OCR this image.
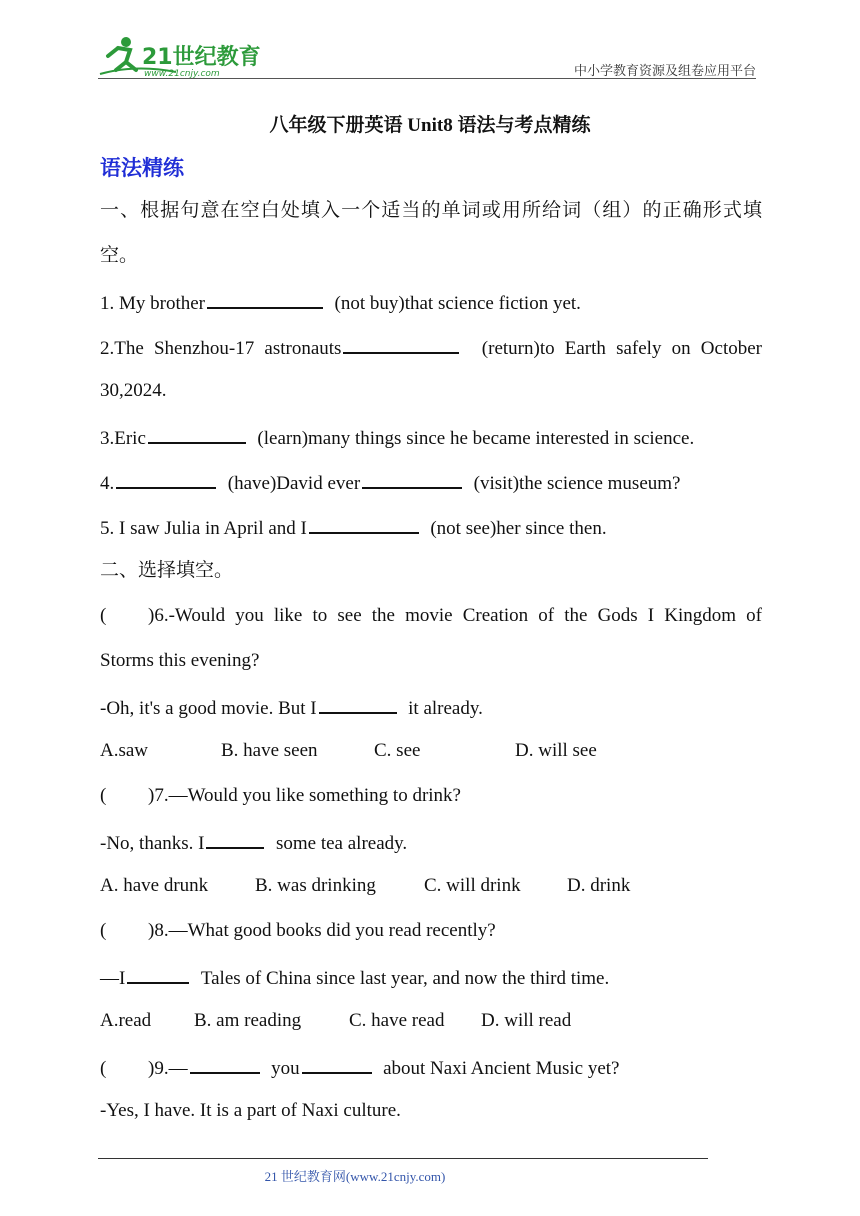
21世纪教育
www.21cnjy.com	中小学教育资源及组卷应用平台
八年级下册英语 Unit8 语法与考点精练
语法精练
一、根据句意在空白处填入一个适当的单词或用所给词（组）的正确形式填
空。
1. My brother	(not buy)that science fiction yet.
2.The Shenzhou-17 astronauts	(return)to Earth safely on October
30,2024.
3.Eric	(learn)many things since he became interested in science.
4.	(have)David ever	(visit)the science museum?
5. I saw Julia in April and I	(not see)her since then.
二、选择填空。
( )6.-Would you like to see the movie Creation of the Gods I Kingdom of
Storms this evening?
-Oh, it's a good movie. But I	it already.
A.saw	B. have seen	C. see	D. will see
( )7.—Would you like something to drink?
-No, thanks. I	some tea already.
A. have drunk B. was drinking	C. will drink D. drink
( )8.—What good books did you read recently?
—I	Tales of China since last year, and now the third time.
A.read B. am reading	C. have read D. will read
( )9.—	you	about Naxi Ancient Music yet?
-Yes, I have. It is a part of Naxi culture.
21 世纪教育网(www.21cnjy.com)
